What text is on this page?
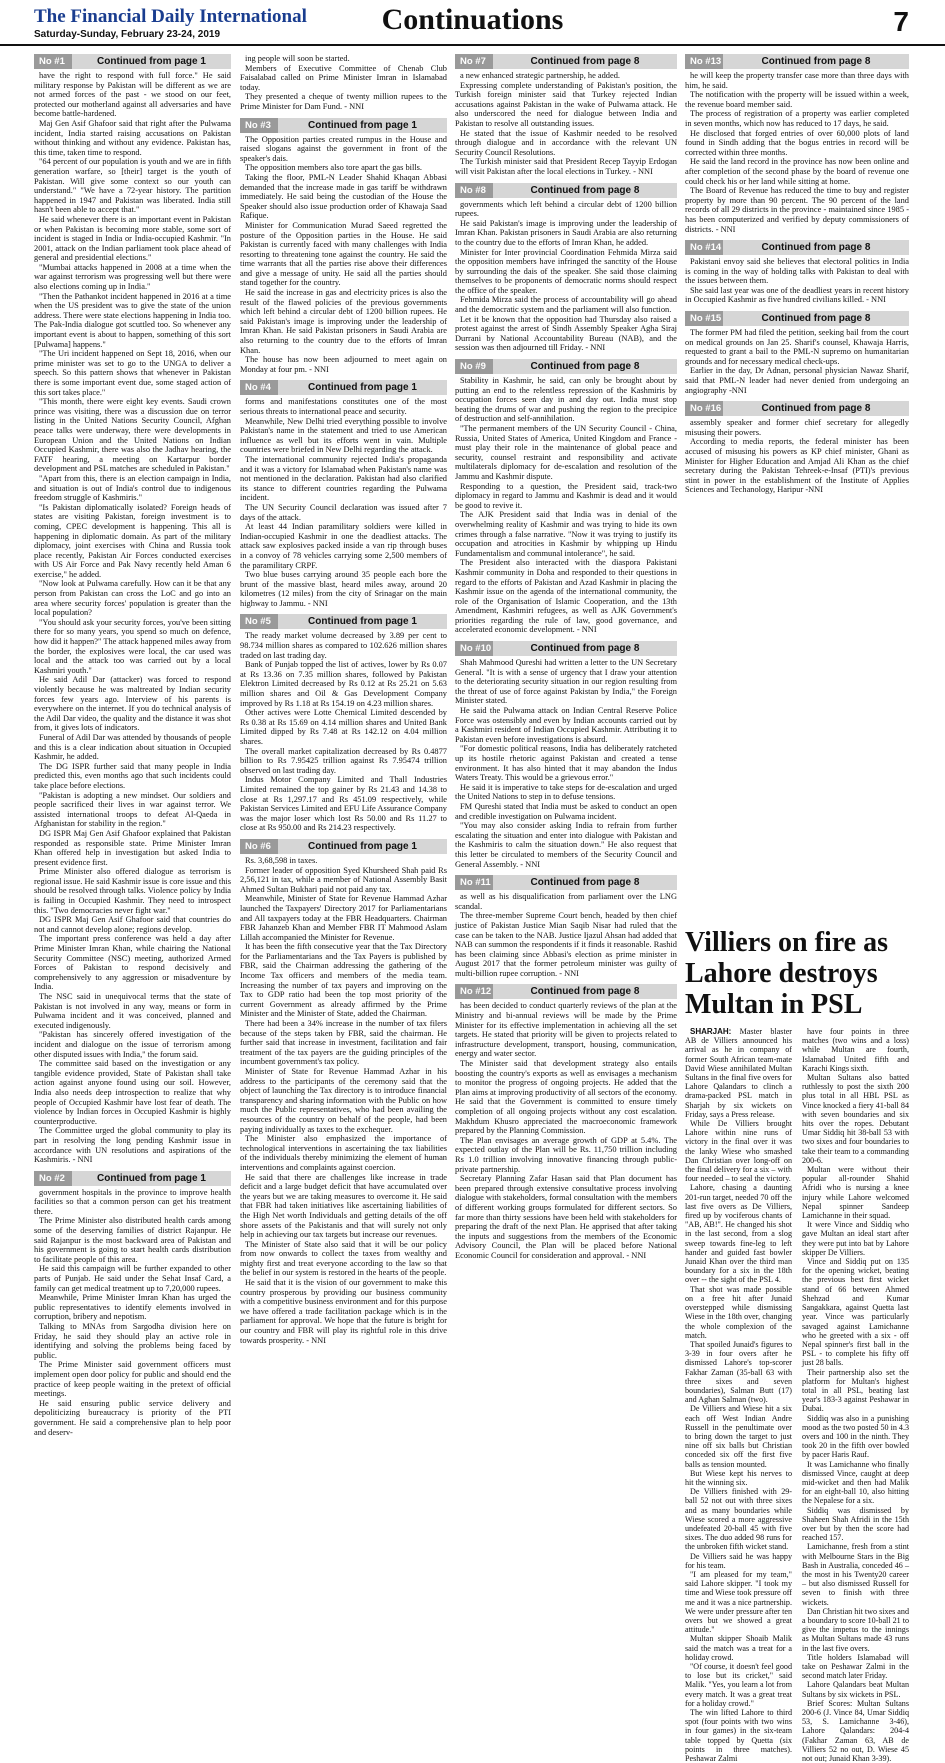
The Financial Daily International
Saturday-Sunday, February 23-24, 2019	Continuations	7
No #1	Continued from page 1

have the right to respond with full force." He said military response by Pakistan will be different as we are not armed forces of the past - we stood on our feet, protected our motherland against all adversaries and have become battle-hardened.

Maj Gen Asif Ghafoor said that right after the Pulwama incident, India started raising accusations on Pakistan without thinking and without any evidence. Pakistan has, this time, taken time to respond.

"64 percent of our population is youth and we are in fifth generation warfare, so [their] target is the youth of Pakistan. Will give some context so our youth can understand." "We have a 72-year history. The partition happened in 1947 and Pakistan was liberated. India still hasn't been able to accept that."

He said whenever there is an important event in Pakistan or when Pakistan is becoming more stable, some sort of incident is staged in India or India-occupied Kashmir. "In 2001, attack on the Indian parliament took place ahead of general and presidential elections."

"Mumbai attacks happened in 2008 at a time when the war against terrorism was progressing well but there were also elections coming up in India."

"Then the Pathankot incident happened in 2016 at a time when the US president was to give the state of the union address. There were state elections happening in India too. The Pak-India dialogue got scuttled too. So whenever any important event is about to happen, something of this sort [Pulwama] happens."

"The Uri incident happened on Sept 18, 2016, when our prime minister was set to go to the UNGA to deliver a speech. So this pattern shows that whenever in Pakistan there is some important event due, some staged action of this sort takes place."

"This month, there were eight key events. Saudi crown prince was visiting, there was a discussion due on terror listing in the United Nations Security Council, Afghan peace talks were underway, there were developments in European Union and the United Nations on Indian Occupied Kashmir, there was also the Jadhav hearing, the FATF hearing, a meeting on Kartarpur border development and PSL matches are scheduled in Pakistan."

"Apart from this, there is an election campaign in India, and situation is out of India's control due to indigenous freedom struggle of Kashmiris."

"Is Pakistan diplomatically isolated? Foreign heads of states are visiting Pakistan, foreign investment is to coming, CPEC development is happening. This all is happening in diplomatic domain. As part of the military diplomacy, joint exercises with China and Russia took place recently, Pakistan Air Forces conducted exercises with US Air Force and Pak Navy recently held Aman 6 exercise," he added.

"Now look at Pulwama carefully. How can it be that any person from Pakistan can cross the LoC and go into an area where security forces' population is greater than the local population?

"You should ask your security forces, you've been sitting there for so many years, you spend so much on defence, how did it happen?" The attack happened miles away from the border, the explosives were local, the car used was local and the attack too was carried out by a local Kashmiri youth."

He said Adil Dar (attacker) was forced to respond violently because he was maltreated by Indian security forces few years ago. Interview of his parents is everywhere on the internet. If you do technical analysis of the Adil Dar video, the quality and the distance it was shot from, it gives lots of indicators.

Funeral of Adil Dar was attended by thousands of people and this is a clear indication about situation in Occupied Kashmir, he added.

The DG ISPR further said that many people in India predicted this, even months ago that such incidents could take place before elections.

"Pakistan is adopting a new mindset. Our soldiers and people sacrificed their lives in war against terror. We assisted international troops to defeat Al-Qaeda in Afghanistan for stability in the region."

DG ISPR Maj Gen Asif Ghafoor explained that Pakistan responded as responsible state. Prime Minister Imran Khan offered help in investigation but asked India to present evidence first.

Prime Minister also offered dialogue as terrorism is regional issue. He said Kashmir issue is core issue and this should be resolved through talks. Violence policy by India is failing in Occupied Kashmir. They need to introspect this. "Two democracies never fight war."

DG ISPR Maj Gen Asif Ghafoor said that countries do not and cannot develop alone; regions develop.

The important press conference was held a day after Prime Minister Imran Khan, while chairing the National Security Committee (NSC) meeting, authorized Armed Forces of Pakistan to respond decisively and comprehensively to any aggression or misadventure by India.

The NSC said in unequivocal terms that the state of Pakistan is not involved in any way, means or form in Pulwama incident and it was conceived, planned and executed indigenously.

"Pakistan has sincerely offered investigation of the incident and dialogue on the issue of terrorism among other disputed issues with India," the forum said.

The committee said based on the investigation or any tangible evidence provided, State of Pakistan shall take action against anyone found using our soil. However, India also needs deep introspection to realize that why people of Occupied Kashmir have lost fear of death. The violence by Indian forces in Occupied Kashmir is highly counterproductive.

The Committee urged the global community to play its part in resolving the long pending Kashmir issue in accordance with UN resolutions and aspirations of the Kashmiris. - NNI

No #2	Continued from page 1

government hospitals in the province to improve health facilities so that a common person can get his treatment there.

The Prime Minister also distributed health cards among some of the deserving families of district Rajanpur. He said Rajanpur is the most backward area of Pakistan and his government is going to start health cards distribution to facilitate people of this area.

He said this campaign will be further expanded to other parts of Punjab. He said under the Sehat Insaf Card, a family can get medical treatment up to 7,20,000 rupees.

Meanwhile, Prime Minister Imran Khan has urged the public representatives to identify elements involved in corruption, bribery and nepotism.

Talking to MNAs from Sargodha division here on Friday, he said they should play an active role in identifying and solving the problems being faced by public.

The Prime Minister said government officers must implement open door policy for public and should end the practice of keep people waiting in the pretext of official meetings.

He said ensuring public service delivery and depoliticizing bureaucracy is priority of the PTI government. He said a comprehensive plan to help poor and deserv-

ing people will soon be started.

Members of Executive Committee of Chenab Club Faisalabad called on Prime Minister Imran in Islamabad today.

They presented a cheque of twenty million rupees to the Prime Minister for Dam Fund. - NNI

No #3	Continued from page 1

The Opposition parties created rumpus in the House and raised slogans against the government in front of the speaker's dais.

The opposition members also tore apart the gas bills.

Taking the floor, PML-N Leader Shahid Khaqan Abbasi demanded that the increase made in gas tariff be withdrawn immediately. He said being the custodian of the House the Speaker should also issue production order of Khawaja Saad Rafique.

Minister for Communication Murad Saeed regretted the posture of the Opposition parties in the House. He said Pakistan is currently faced with many challenges with India resorting to threatening tone against the country. He said the time warrants that all the parties rise above their differences and give a message of unity. He said all the parties should stand together for the country.

He said the increase in gas and electricity prices is also the result of the flawed policies of the previous governments which left behind a circular debt of 1200 billion rupees. He said Pakistan's image is improving under the leadership of Imran Khan. He said Pakistan prisoners in Saudi Arabia are also returning to the country due to the efforts of Imran Khan.

The house has now been adjourned to meet again on Monday at four pm. - NNI

No #4	Continued from page 1

forms and manifestations constitutes one of the most serious threats to international peace and security.

Meanwhile, New Delhi tried everything possible to involve Pakistan's name in the statement and tried to use American influence as well but its efforts went in vain. Multiple countries were briefed in New Delhi regarding the attack.

The international community rejected India's propaganda and it was a victory for Islamabad when Pakistan's name was not mentioned in the declaration. Pakistan had also clarified its stance to different countries regarding the Pulwama incident.

The UN Security Council declaration was issued after 7 days of the attack.

At least 44 Indian paramilitary soldiers were killed in Indian-occupied Kashmir in one the deadliest attacks. The attack saw explosives packed inside a van rip through buses in a convoy of 78 vehicles carrying some 2,500 members of the paramilitary CRPF.

Two blue buses carrying around 35 people each bore the brunt of the massive blast, heard miles away, around 20 kilometres (12 miles) from the city of Srinagar on the main highway to Jammu. - NNI

No #5	Continued from page 1

The ready market volume decreased by 3.89 per cent to 98.734 million shares as compared to 102.626 million shares traded on last trading day.

Bank of Punjab topped the list of actives, lower by Rs 0.07 at Rs 13.36 on 7.35 million shares, followed by Pakistan Elektron Limited decreased by Rs 0.12 at Rs 25.21 on 5.63 million shares and Oil & Gas Development Company improved by Rs 1.18 at Rs 154.19 on 4.23 million shares.

Other actives were Lotte Chemical Limited descended by Rs 0.38 at Rs 15.69 on 4.14 million shares and United Bank Limited dipped by Rs 7.48 at Rs 142.12 on 4.04 million shares.

The overall market capitalization decreased by Rs 0.4877 billion to Rs 7.95425 trillion against Rs 7.95474 trillion observed on last trading day.

Indus Motor Company Limited and Thall Industries Limited remained the top gainer by Rs 21.43 and 14.38 to close at Rs 1,297.17 and Rs 451.09 respectively, while Pakistan Services Limited and EFU Life Assurance Company was the major loser which lost Rs 50.00 and Rs 11.27 to close at Rs 950.00 and Rs 214.23 respectively.

No #6	Continued from page 1

Rs. 3,68,598 in taxes.

Former leader of opposition Syed Khursheed Shah paid Rs 2,56,121 in tax, while a member of National Assembly Basit Ahmed Sultan Bukhari paid not paid any tax.

Meanwhile, Minister of State for Revenue Hammad Azhar launched the Taxpayers' Directory 2017 for Parliamentarians and All taxpayers today at the FBR Headquarters. Chairman FBR Jahanzeb Khan and Member FBR IT Mahmood Aslam Lillah accompanied the Minister for Revenue.

It has been the fifth consecutive year that the Tax Directory for the Parliamentarians and the Tax Payers is published by FBR, said the Chairman addressing the gathering of the Income Tax officers and members of the media team. Increasing the number of tax payers and improving on the Tax to GDP ratio had been the top most priority of the current Government as already affirmed by the Prime Minister and the Minister of State, added the Chairman.

There had been a 34% increase in the number of tax filers because of the steps taken by FBR, said the chairman. He further said that increase in investment, facilitation and fair treatment of the tax payers are the guiding principles of the incumbent government's tax policy.

Minister of State for Revenue Hammad Azhar in his address to the participants of the ceremony said that the object of launching the Tax directory is to introduce financial transparency and sharing information with the Public on how much the Public representatives, who had been availing the resources of the country on behalf of the people, had been paying individually as taxes to the exchequer.

The Minister also emphasized the importance of technological interventions in ascertaining the tax liabilities of the individuals thereby minimizing the element of human interventions and complaints against coercion.

He said that there are challenges like increase in trade deficit and a large budget deficit that have accumulated over the years but we are taking measures to overcome it. He said that FBR had taken initiatives like ascertaining liabilities of the High Net worth Individuals and getting details of the off shore assets of the Pakistanis and that will surely not only help in achieving our tax targets but increase our revenues.

The Minister of State also said that it will be our policy from now onwards to collect the taxes from wealthy and mighty first and treat everyone according to the law so that the belief in our system is restored in the hearts of the people.

He said that it is the vision of our government to make this country prosperous by providing our business community with a competitive business environment and for this purpose we have offered a trade facilitation package which is in the parliament for approval. We hope that the future is bright for our country and FBR will play its rightful role in this drive towards prosperity. - NNI

No #7	Continued from page 8

a new enhanced strategic partnership, he added.

Expressing complete understanding of Pakistan's position, the Turkish foreign minister said that Turkey rejected Indian accusations against Pakistan in the wake of Pulwama attack. He also underscored the need for dialogue between India and Pakistan to resolve all outstanding issues.

He stated that the issue of Kashmir needed to be resolved through dialogue and in accordance with the relevant UN Security Council Resolutions.

The Turkish minister said that President Recep Tayyip Erdogan will visit Pakistan after the local elections in Turkey. - NNI

No #8	Continued from page 8

governments which left behind a circular debt of 1200 billion rupees.

He said Pakistan's image is improving under the leadership of Imran Khan. Pakistan prisoners in Saudi Arabia are also returning to the country due to the efforts of Imran Khan, he added.

Minister for Inter provincial Coordination Fehmida Mirza said the opposition members have infringed the sanctity of the House by surrounding the dais of the speaker. She said those claiming themselves to be proponents of democratic norms should respect the office of the speaker.

Fehmida Mirza said the process of accountability will go ahead and the democratic system and the parliament will also function.

Let it be known that the opposition had Thursday also raised a protest against the arrest of Sindh Assembly Speaker Agha Siraj Durrani by National Accountability Bureau (NAB), and the session was then adjourned till Friday. - NNI

No #9	Continued from page 8

Stability in Kashmir, he said, can only be brought about by putting an end to the relentless repression of the Kashmiris by occupation forces seen day in and day out. India must stop beating the drums of war and pushing the region to the precipice of destruction and self-annihilation.

"The permanent members of the UN Security Council - China, Russia, United States of America, United Kingdom and France - must play their role in the maintenance of global peace and security, counsel restraint and responsibility and activate multilaterals diplomacy for de-escalation and resolution of the Jammu and Kashmir dispute.

Responding to a question, the President said, track-two diplomacy in regard to Jammu and Kashmir is dead and it would be good to revive it.

The AJK President said that India was in denial of the overwhelming reality of Kashmir and was trying to hide its own crimes through a false narrative. "Now it was trying to justify its occupation and atrocities in Kashmir by whipping up Hindu Fundamentalism and communal intolerance", he said.

The President also interacted with the diaspora Pakistani Kashmir community in Doha and responded to their questions in regard to the efforts of Pakistan and Azad Kashmir in placing the Kashmir issue on the agenda of the international community, the role of the Organisation of Islamic Cooperation, and the 13th Amendment, Kashmiri refugees, as well as AJK Government's priorities regarding the rule of law, good governance, and accelerated economic development. - NNI

No #10	Continued from page 8

Shah Mahmood Qureshi had written a letter to the UN Secretary General. "It is with a sense of urgency that I draw your attention to the deteriorating security situation in our region resulting from the threat of use of force against Pakistan by India," the Foreign Minister stated.

He said the Pulwama attack on Indian Central Reserve Police Force was ostensibly and even by Indian accounts carried out by a Kashmiri resident of Indian Occupied Kashmir. Attributing it to Pakistan even before investigations is absurd.

"For domestic political reasons, India has deliberately ratcheted up its hostile rhetoric against Pakistan and created a tense environment. It has also hinted that it may abandon the Indus Waters Treaty. This would be a grievous error."

He said it is imperative to take steps for de-escalation and urged the United Nations to step in to defuse tensions.

FM Qureshi stated that India must be asked to conduct an open and credible investigation on Pulwama incident.

"You may also consider asking India to refrain from further escalating the situation and enter into dialogue with Pakistan and the Kashmiris to calm the situation down." He also request that this letter be circulated to members of the Security Council and General Assembly. - NNI

No #11	Continued from page 8

as well as his disqualification from parliament over the LNG scandal.

The three-member Supreme Court bench, headed by then chief justice of Pakistan Justice Mian Saqib Nisar had ruled that the case can be taken to the NAB. Justice Ijazul Ahsan had added that NAB can summon the respondents if it finds it reasonable. Rashid has been claiming since Abbasi's election as prime minister in August 2017 that the former petroleum minister was guilty of multi-billion rupee corruption. - NNI

No #12	Continued from page 8

has been decided to conduct quarterly reviews of the plan at the Ministry and bi-annual reviews will be made by the Prime Minister for its effective implementation in achieving all the set targets. He stated that priority will be given to projects related to infrastructure development, transport, housing, communication, energy and water sector.

The Minister said that development strategy also entails boosting the country's exports as well as envisages a mechanism to monitor the progress of ongoing projects. He added that the Plan aims at improving productivity of all sectors of the economy. He said that the Government is committed to ensure timely completion of all ongoing projects without any cost escalation. Makhdum Khusro appreciated the macroeconomic framework prepared by the Planning Commission.

The Plan envisages an average growth of GDP at 5.4%. The expected outlay of the Plan will be Rs. 11,750 trillion including Rs 1.0 trillion involving innovative financing through public-private partnership.

Secretary Planning Zafar Hasan said that Plan document has been prepared through extensive consultative process involving dialogue with stakeholders, formal consultation with the members of different working groups formulated for different sectors. So far more than thirty sessions have been held with stakeholders for preparing the draft of the next Plan. He apprised that after taking the inputs and suggestions from the members of the Economic Advisory Council, the Plan will be placed before National Economic Council for consideration and approval. - NNI

No #13	Continued from page 8

he will keep the property transfer case more than three days with him, he said.

The notification with the property will be issued within a week, the revenue board member said.

The process of registration of a property was earlier completed in seven months, which now has reduced to 17 days, he said.

He disclosed that forged entries of over 60,000 plots of land found in Sindh adding that the bogus entries in record will be corrected within three months.

He said the land record in the province has now been online and after completion of the second phase by the board of revenue one could check his or her land while sitting at home.

The Board of Revenue has reduced the time to buy and register property by more than 90 percent. The 90 percent of the land records of all 29 districts in the province - maintained since 1985 - has been computerized and verified by deputy commissioners of districts. - NNI

No #14	Continued from page 8

Pakistani envoy said she believes that electoral politics in India is coming in the way of holding talks with Pakistan to deal with the issues between them.

She said last year was one of the deadliest years in recent history in Occupied Kashmir as five hundred civilians killed. - NNI

No #15	Continued from page 8

The former PM had filed the petition, seeking bail from the court on medical grounds on Jan 25. Sharif's counsel, Khawaja Harris, requested to grant a bail to the PML-N supremo on humanitarian grounds and for necessary medical check-ups.

Earlier in the day, Dr Adnan, personal physician Nawaz Sharif, said that PML-N leader had never denied from undergoing an angiography -NNI

No #16	Continued from page 8

assembly speaker and former chief secretary for allegedly misusing their powers.

According to media reports, the federal minister has been accused of misusing his powers as KP chief minister, Ghani as Minister for Higher Education and Amjad Ali Khan as the chief secretary during the Pakistan Tehreek-e-Insaf (PTI)'s previous stint in power in the establishment of the Institute of Applies Sciences and Techanology, Haripur -NNI

Villiers on fire as Lahore destroys Multan in PSL

SHARJAH: Master blaster AB de Villiers announced his arrival as he in company of former South African team-mate David Wiese annihilated Multan Sultans in the final five overs for Lahore Qalandars to clinch a drama-packed PSL match in Sharjah by six wickets on Friday, says a Press release.

While De Villiers brought Lahore within nine runs of victory in the final over it was the lanky Wiese who smashed Dan Christian over long-off on the final delivery for a six – with four needed – to seal the victory.

Lahore, chasing a daunting 201-run target, needed 70 off the last five overs as De Villiers, fired up by vociferous chants of "AB, AB!". He changed his shot in the last second, from a slog sweep towards fine-leg to left hander and guided fast bowler Junaid Khan over the third man boundary for a six in the 18th over -- the sight of the PSL 4.

That shot was made possible on a free hit after Junaid overstepped while dismissing Wiese in the 18th over, changing the whole complexion of the match.

That spoiled Junaid's figures to 3-39 in four overs after he dismissed Lahore's top-scorer Fakhar Zaman (35-ball 63 with three sixes and seven boundaries), Salman Butt (17) and Aghan Salman (two).

De Villiers and Wiese hit a six each off West Indian Andre Russell in the penultimate over to bring down the target to just nine off six balls but Christian conceded six off the first five balls as tension mounted.

But Wiese kept his nerves to hit the winning six.

De Villiers finished with 29-ball 52 not out with three sixes and as many boundaries while Wiese scored a more aggressive undefeated 20-ball 45 with five sixes. The duo added 98 runs for the unbroken fifth wicket stand.

De Villiers said he was happy for his team.

"I am pleased for my team," said Lahore skipper. "I took my time and Wiese took pressure off me and it was a nice partnership. We were under pressure after ten overs but we showed a great attitude."

Multan skipper Shoaib Malik said the match was a treat for a holiday crowd.

"Of course, it doesn't feel good to lose but its cricket," said Malik. "Yes, you learn a lot from every match. It was a great treat for a holiday crowd."

The win lifted Lahore to third spot (four points with two wins in four games) in the six-team table topped by Quetta (six points in three matches). Peshawar Zalmi

have four points in three matches (two wins and a loss) while Multan are fourth, Islamabad United fifth and Karachi Kings sixth.

Multan Sultans also batted ruthlessly to post the sixth 200 plus total in all HBL PSL as Vince knocked a fiery 41-ball 84 with seven boundaries and six hits over the ropes. Debutant Umar Siddiq hit 38-ball 53 with two sixes and four boundaries to take their team to a commanding 200-6.

Multan were without their popular all-rounder Shahid Afridi who is nursing a knee injury while Lahore welcomed Nepal spinner Sandeep Lamichanne in their squad.

It were Vince and Siddiq who gave Multan an ideal start after they were put into bat by Lahore skipper De Villiers.

Vince and Siddiq put on 135 for the opening wicket, beating the previous best first wicket stand of 66 between Ahmed Shehzad and Kumar Sangakkara, against Quetta last year. Vince was particularly savaged against Lamichanne who he greeted with a six - off Nepal spinner's first ball in the PSL - to complete his fifty off just 28 balls.

Their partnership also set the platform for Multan's highest total in all PSL, beating last year's 183-3 against Peshawar in Dubai.

Siddiq was also in a punishing mood as the two posted 50 in 4.3 overs and 100 in the ninth. They took 20 in the fifth over bowled by pacer Haris Rauf.

It was Lamichanne who finally dismissed Vince, caught at deep mid-wicket and then had Malik for an eight-ball 10, also hitting the Nepalese for a six.

Siddiq was dismissed by Shaheen Shah Afridi in the 15th over but by then the score had reached 157.

Lamichanne, fresh from a stint with Melbourne Stars in the Big Bash in Australia, conceded 46 – the most in his Twenty20 career – but also dismissed Russell for seven to finish with three wickets.

Dan Christian hit two sixes and a boundary to score 10-ball 21 to give the impetus to the innings as Multan Sultans made 43 runs in the last five overs.

Title holders Islamabad will take on Peshawar Zalmi in the second match later Friday.

Lahore Qalandars beat Multan Sultans by six wickets in PSL.

Brief Scores: Multan Sultans 200-6 (J. Vince 84, Umar Siddiq 53, S. Lamichanne 3-46), Lahore Qalandars: 204-4 (Fakhar Zaman 63, AB de Villiers 52 no out, D. Wiese 45 not out; Junaid Khan 3-39).
